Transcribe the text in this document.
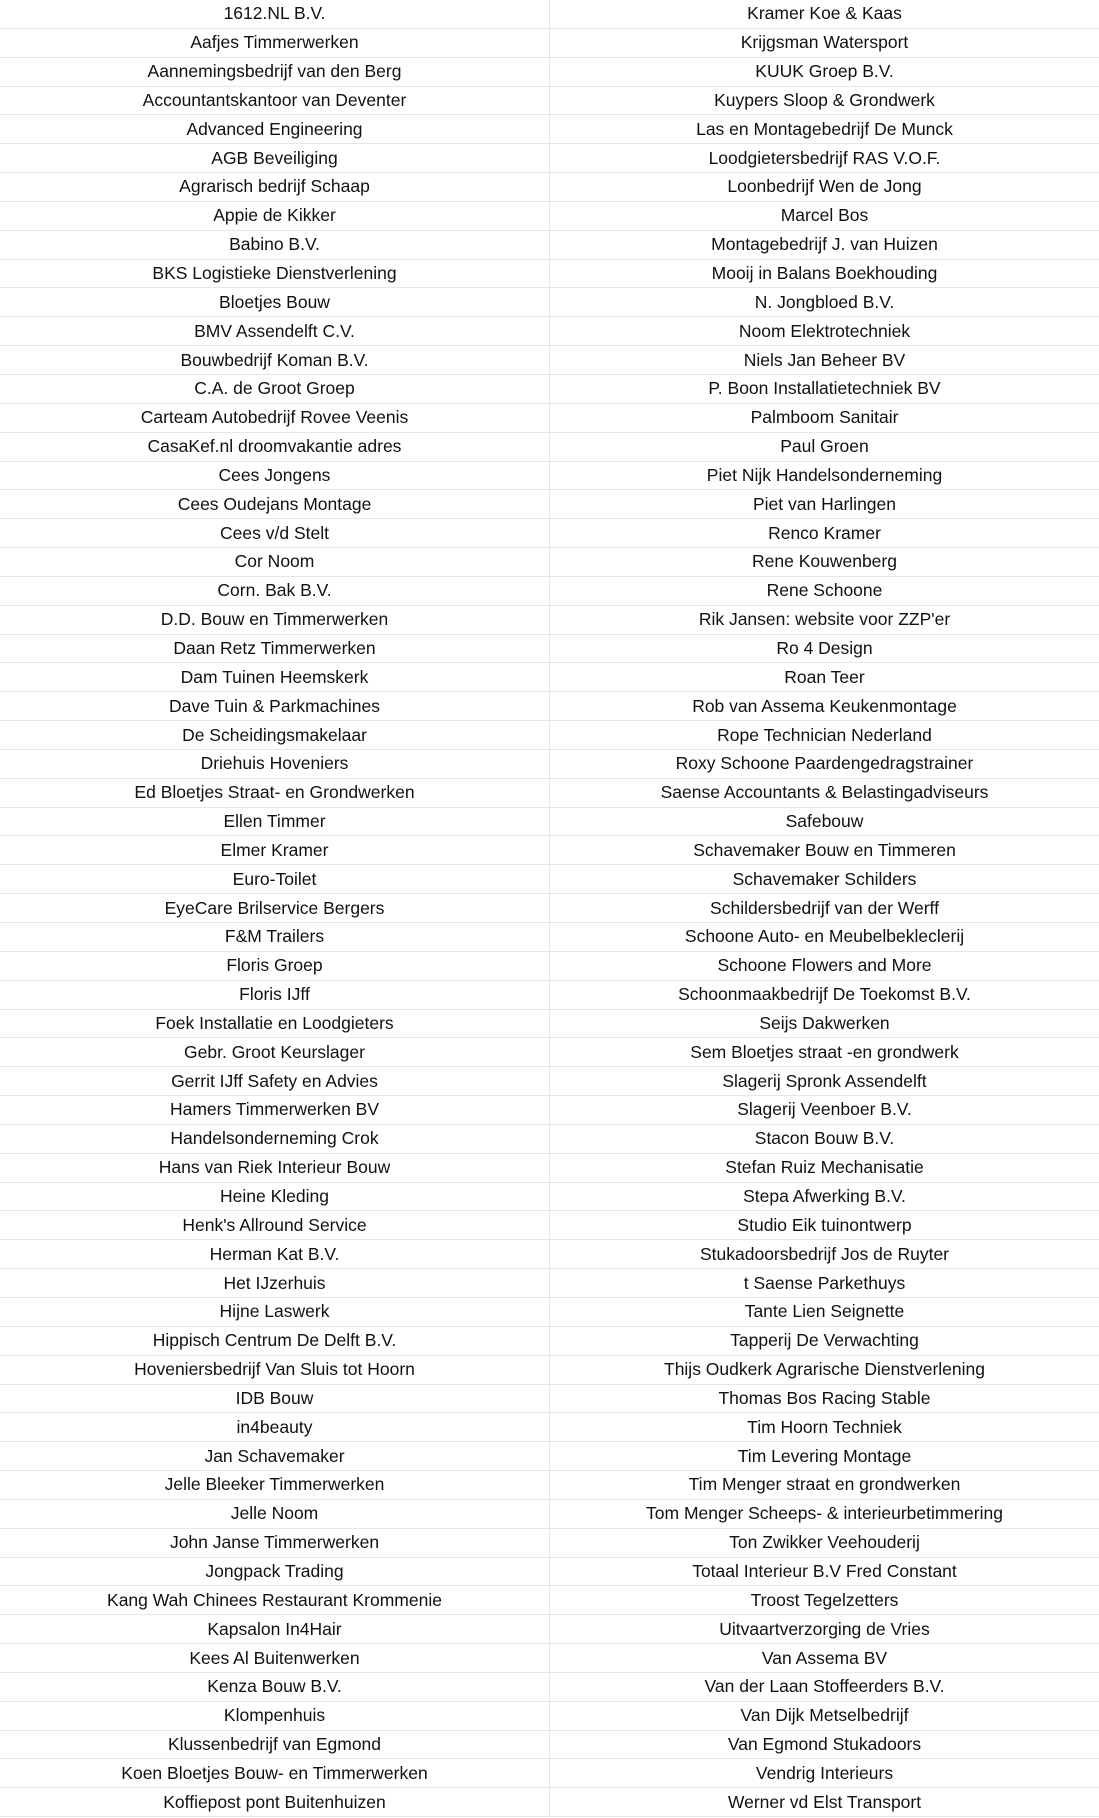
1612.NL B.V.	Kramer Koe & Kaas
Aafjes Timmerwerken	Krijgsman Watersport
Aannemingsbedrijf van den Berg	KUUK Groep B.V.
Accountantskantoor van Deventer	Kuypers Sloop & Grondwerk
Advanced Engineering	Las en Montagebedrijf De Munck
AGB Beveiliging	Loodgietersbedrijf RAS V.O.F.
Agrarisch bedrijf Schaap	Loonbedrijf Wen de Jong
Appie de Kikker	Marcel Bos
Babino B.V.	Montagebedrijf J. van Huizen
BKS Logistieke Dienstverlening	Mooij in Balans Boekhouding
Bloetjes Bouw	N. Jongbloed B.V.
BMV Assendelft C.V.	Noom Elektrotechniek
Bouwbedrijf Koman B.V.	Niels Jan Beheer BV
C.A. de Groot Groep	P. Boon Installatietechniek BV
Carteam Autobedrijf Rovee Veenis	Palmboom Sanitair
CasaKef.nl droomvakantie adres	Paul Groen
Cees Jongens	Piet Nijk Handelsonderneming
Cees Oudejans Montage	Piet van Harlingen
Cees v/d Stelt	Renco Kramer
Cor Noom	Rene Kouwenberg
Corn. Bak B.V.	Rene Schoone
D.D. Bouw en Timmerwerken	Rik Jansen: website voor ZZP'er
Daan Retz Timmerwerken	Ro 4 Design
Dam Tuinen Heemskerk	Roan Teer
Dave Tuin & Parkmachines	Rob van Assema Keukenmontage
De Scheidingsmakelaar	Rope Technician Nederland
Driehuis Hoveniers	Roxy Schoone Paardengedragstrainer
Ed Bloetjes Straat- en Grondwerken	Saense Accountants & Belastingadviseurs
Ellen Timmer	Safebouw
Elmer Kramer	Schavemaker Bouw en Timmeren
Euro-Toilet	Schavemaker Schilders
EyeCare Brilservice Bergers	Schildersbedrijf van der Werff
F&M Trailers	Schoone Auto- en Meubelbekleclerij
Floris Groep	Schoone Flowers and More
Floris IJff	Schoonmaakbedrijf De Toekomst B.V.
Foek Installatie en Loodgieters	Seijs Dakwerken
Gebr. Groot Keurslager	Sem Bloetjes straat -en grondwerk
Gerrit IJff Safety en Advies	Slagerij Spronk Assendelft
Hamers Timmerwerken BV	Slagerij Veenboer B.V.
Handelsonderneming Crok	Stacon Bouw B.V.
Hans van Riek Interieur Bouw	Stefan Ruiz Mechanisatie
Heine Kleding	Stepa Afwerking B.V.
Henk's Allround Service	Studio Eik tuinontwerp
Herman Kat B.V.	Stukadoorsbedrijf Jos de Ruyter
Het IJzerhuis	t Saense Parkethuys
Hijne Laswerk	Tante Lien Seignette
Hippisch Centrum De Delft B.V.	Tapperij De Verwachting
Hoveniersbedrijf Van Sluis tot Hoorn	Thijs Oudkerk Agrarische Dienstverlening
IDB Bouw	Thomas Bos Racing Stable
in4beauty	Tim Hoorn Techniek
Jan Schavemaker	Tim Levering Montage
Jelle Bleeker Timmerwerken	Tim Menger straat en grondwerken
Jelle Noom	Tom Menger Scheeps- & interieurbetimmering
John Janse Timmerwerken	Ton Zwikker Veehouderij
Jongpack Trading	Totaal Interieur B.V Fred Constant
Kang Wah Chinees Restaurant Krommenie	Troost Tegelzetters
Kapsalon In4Hair	Uitvaartverzorging de Vries
Kees Al Buitenwerken	Van Assema BV
Kenza Bouw B.V.	Van der Laan Stoffeerders B.V.
Klompenhuis	Van Dijk Metselbedrijf
Klussenbedrijf van Egmond	Van Egmond Stukadoors
Koen Bloetjes Bouw- en Timmerwerken	Vendrig Interieurs
Koffiepost pont Buitenhuizen	Werner vd Elst Transport
